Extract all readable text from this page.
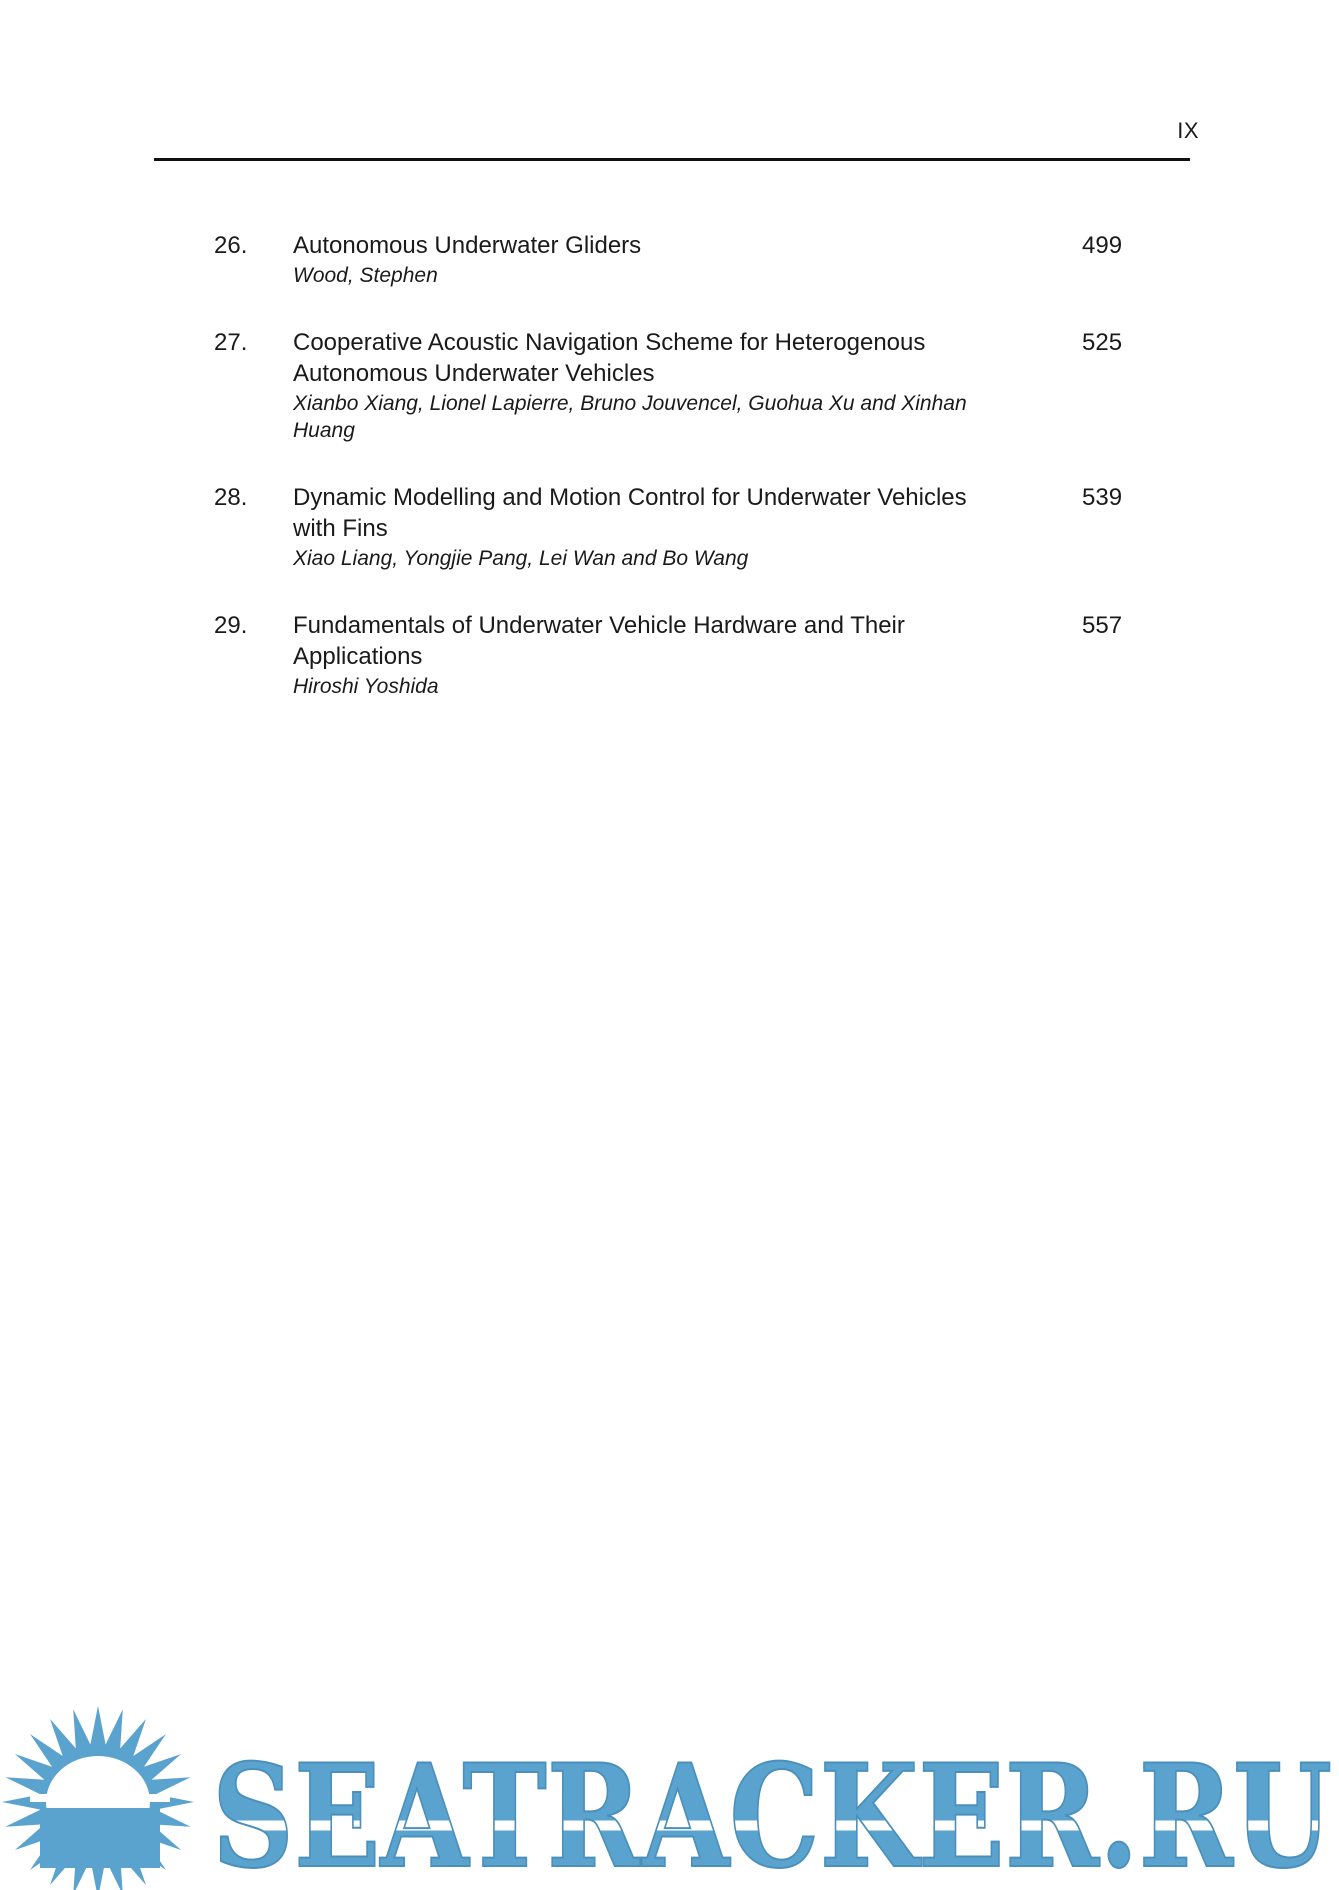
IX
26. Autonomous Underwater Gliders
Wood, Stephen
499
27. Cooperative Acoustic Navigation Scheme for Heterogenous Autonomous Underwater Vehicles
Xianbo Xiang, Lionel Lapierre, Bruno Jouvencel, Guohua Xu and Xinhan Huang
525
28. Dynamic Modelling and Motion Control for Underwater Vehicles with Fins
Xiao Liang, Yongjie Pang, Lei Wan and Bo Wang
539
29. Fundamentals of Underwater Vehicle Hardware and Their Applications
Hiroshi Yoshida
557
SEATRACKER.RU
